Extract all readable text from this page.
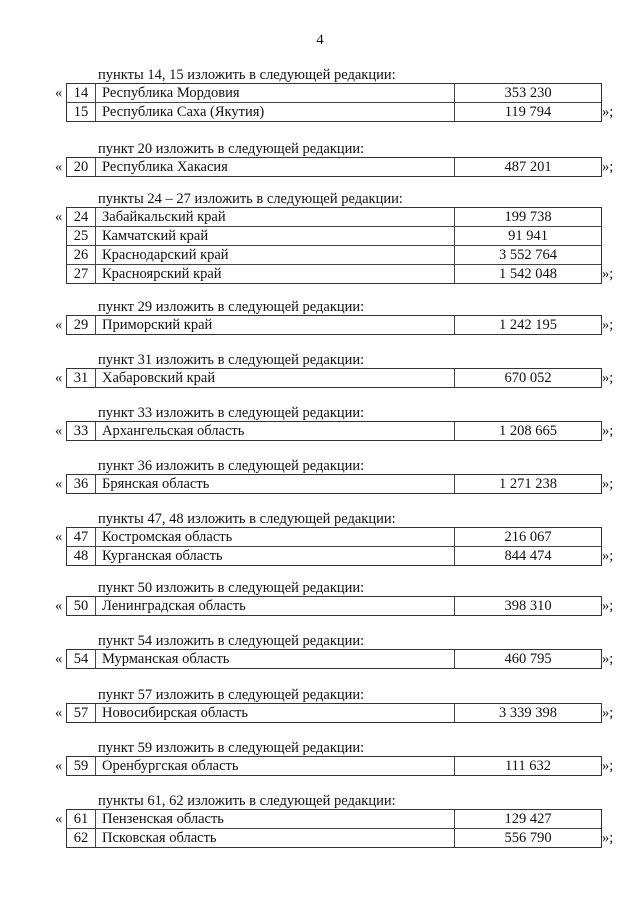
4
пункты 14, 15 изложить в следующей редакции:
« 14 Республика Мордовия	353 230
15 Республика Саха (Якутия)	119 794	»;
пункт 20 изложить в следующей редакции:
« 20 Республика Хакасия	487 201	»;
пункты 24 – 27 изложить в следующей редакции:
« 24 Забайкальский край	199 738
25 Камчатский край	91 941
26 Краснодарский край	3 552 764
27 Красноярский край	1 542 048	»;
пункт 29 изложить в следующей редакции:
« 29 Приморский край	1 242 195	»;
пункт 31 изложить в следующей редакции:
« 31 Хабаровский край	670 052	»;
пункт 33 изложить в следующей редакции:
« 33 Архангельская область	1 208 665	»;
пункт 36 изложить в следующей редакции:
« 36 Брянская область	1 271 238	»;
пункты 47, 48 изложить в следующей редакции:
« 47 Костромская область	216 067
48 Курганская область	844 474	»;
пункт 50 изложить в следующей редакции:
« 50 Ленинградская область	398 310	»;
пункт 54 изложить в следующей редакции:
« 54 Мурманская область	460 795	»;
пункт 57 изложить в следующей редакции:
« 57 Новосибирская область	3 339 398	»;
пункт 59 изложить в следующей редакции:
« 59 Оренбургская область	111 632	»;
пункты 61, 62 изложить в следующей редакции:
« 61 Пензенская область	129 427
62 Псковская область	556 790	»;
